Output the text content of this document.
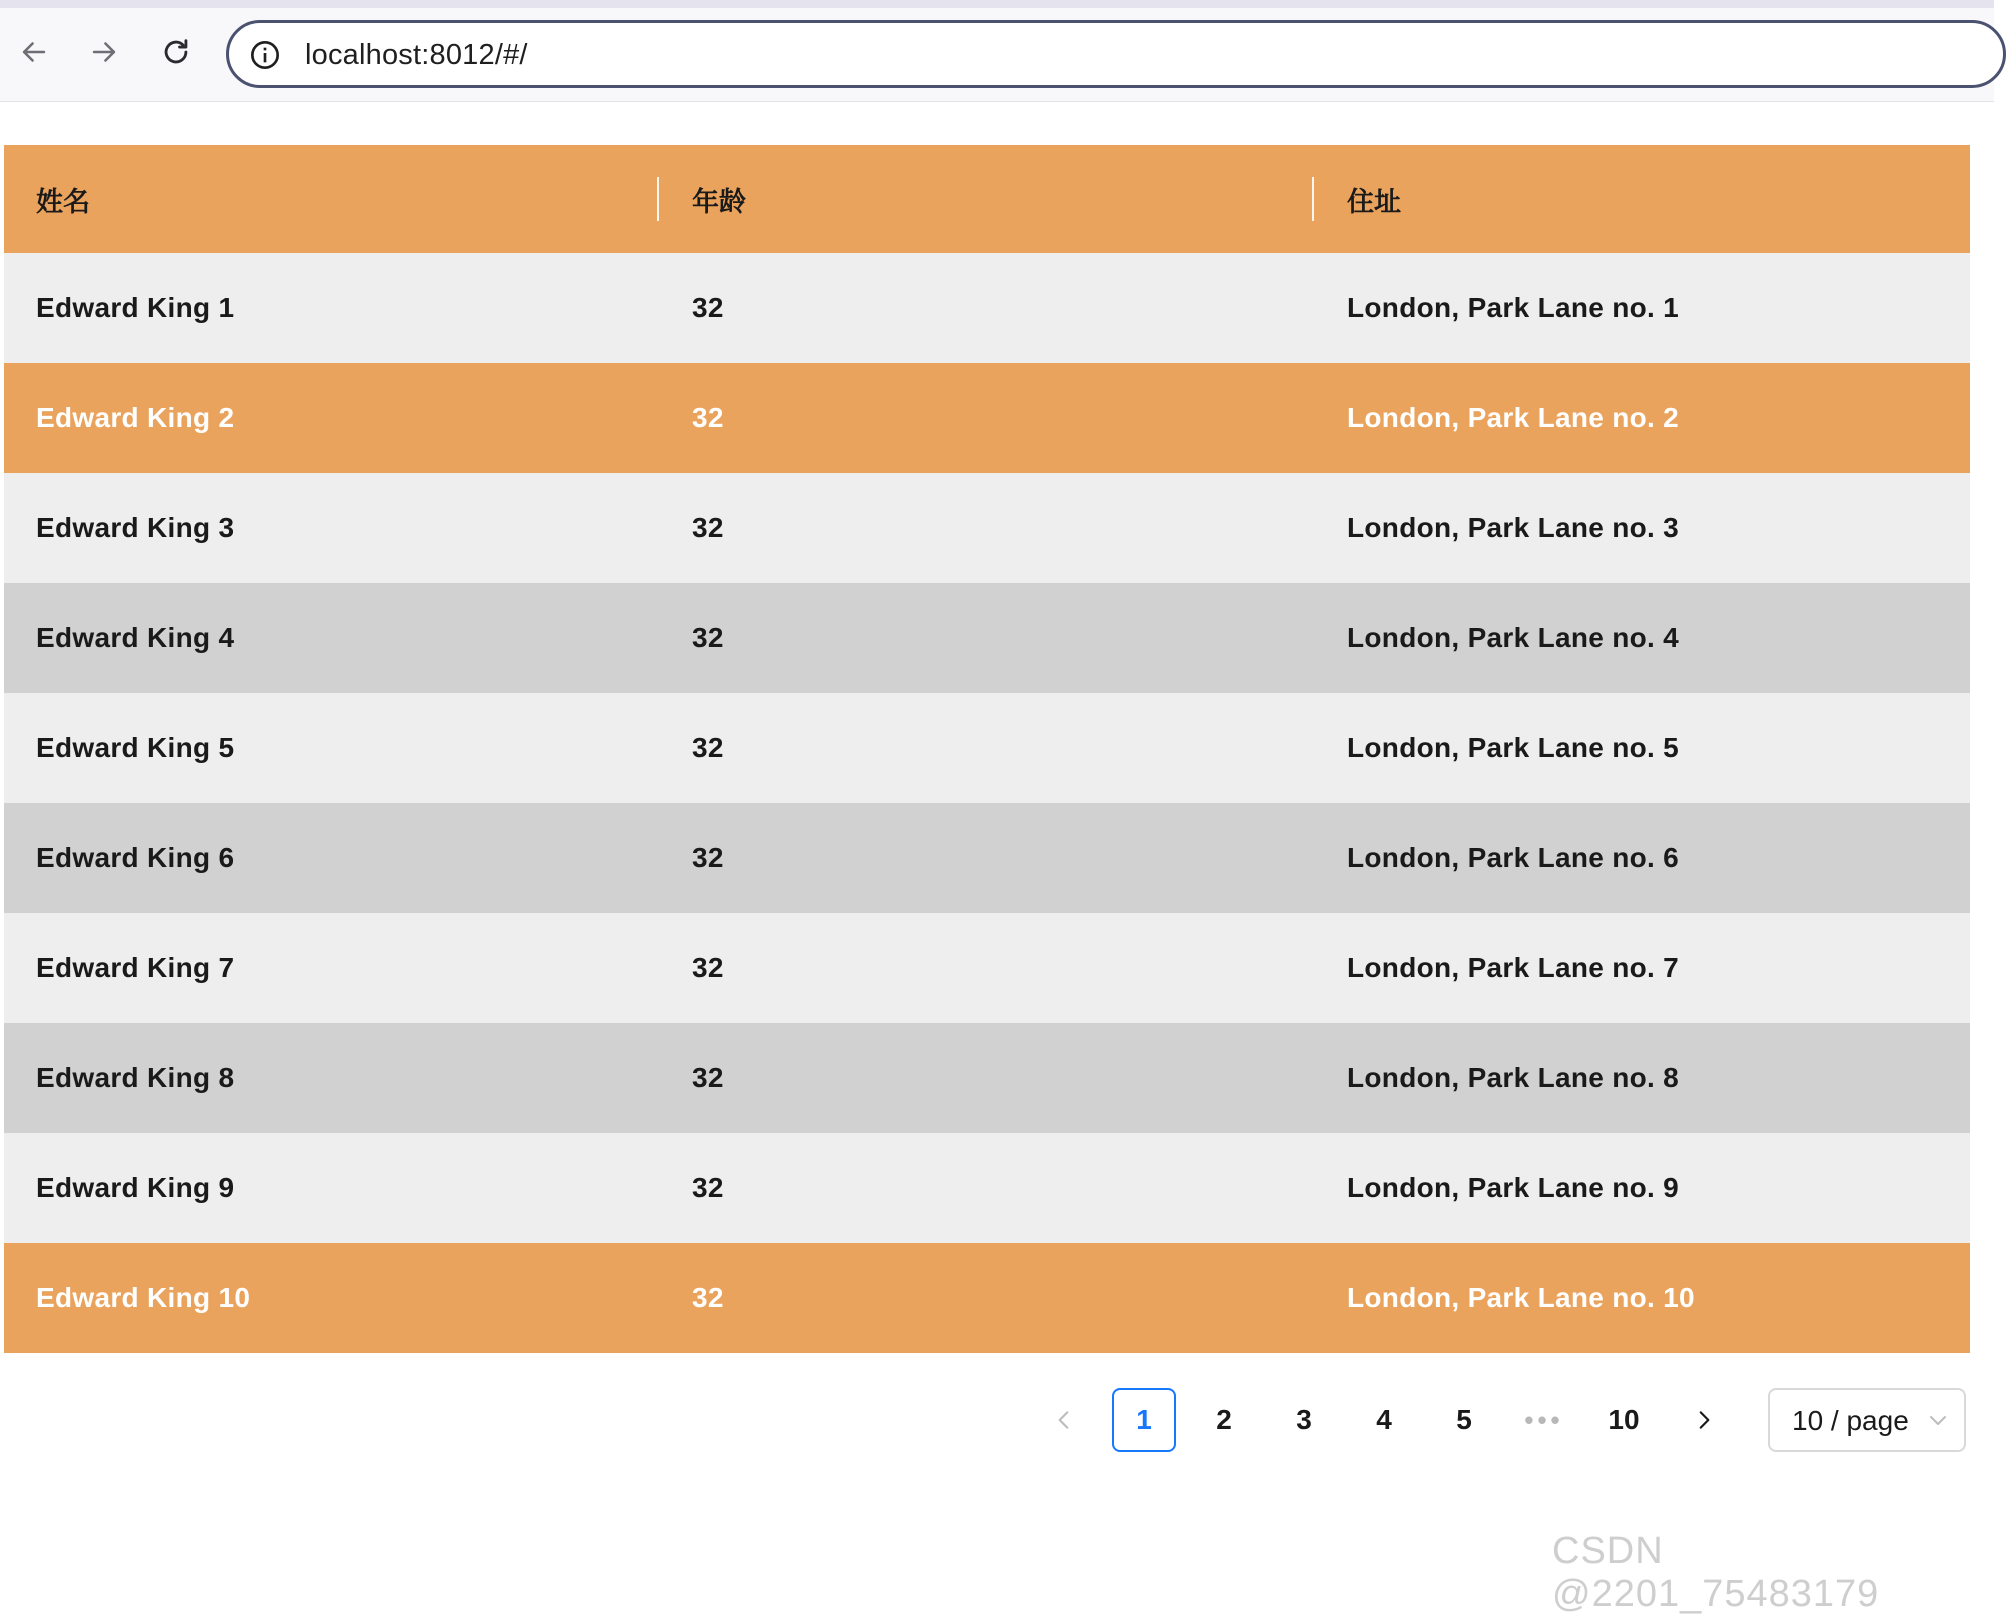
localhost:8012/#/
姓名	年龄	住址
Edward King 1	32	London, Park Lane no. 1
Edward King 2	32	London, Park Lane no. 2
Edward King 3	32	London, Park Lane no. 3
Edward King 4	32	London, Park Lane no. 4
Edward King 5	32	London, Park Lane no. 5
Edward King 6	32	London, Park Lane no. 6
Edward King 7	32	London, Park Lane no. 7
Edward King 8	32	London, Park Lane no. 8
Edward King 9	32	London, Park Lane no. 9
Edward King 10	32	London, Park Lane no. 10
1	2	3	4	5	•••	10	10 / page
CSDN @2201_75483179
